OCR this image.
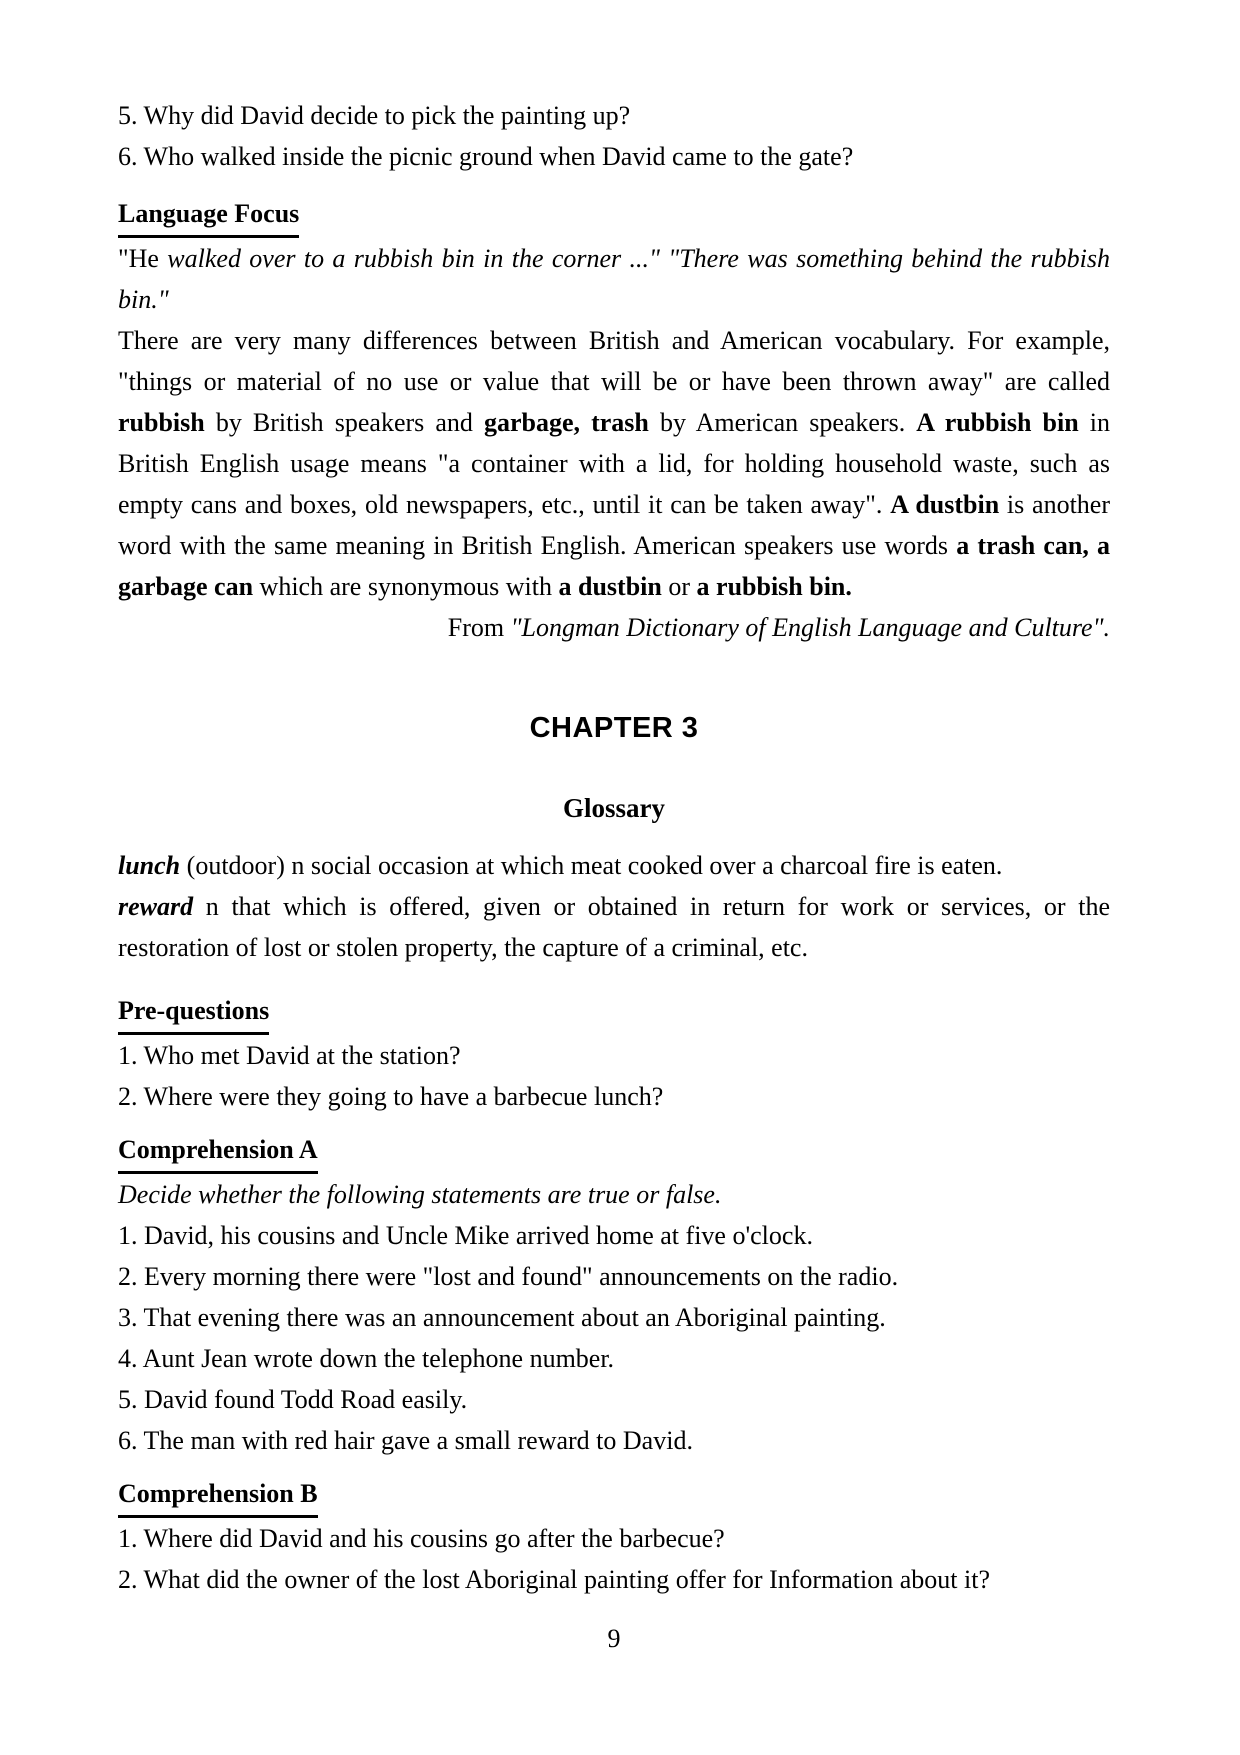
5. Why did David decide to pick the painting up?
6. Who walked inside the picnic ground when David came to the gate?
Language Focus
"He walked over to a rubbish bin in the corner ..." "There was something behind the rubbish bin."
There are very many differences between British and American vocabulary. For example, "things or material of no use or value that will be or have been thrown away" are called rubbish by British speakers and garbage, trash by American speakers. A rubbish bin in British English usage means "a container with a lid, for holding household waste, such as empty cans and boxes, old newspapers, etc., until it can be taken away". A dustbin is another word with the same meaning in British English. American speakers use words a trash can, a garbage can which are synonymous with a dustbin or a rubbish bin.
From "Longman Dictionary of English Language and Culture".
CHAPTER 3
Glossary
lunch (outdoor) n social occasion at which meat cooked over a charcoal fire is eaten.
reward n that which is offered, given or obtained in return for work or services, or the restoration of lost or stolen property, the capture of a criminal, etc.
Pre-questions
1. Who met David at the station?
2. Where were they going to have a barbecue lunch?
Comprehension A
Decide whether the following statements are true or false.
1. David, his cousins and Uncle Mike arrived home at five o'clock.
2. Every morning there were "lost and found" announcements on the radio.
3. That evening there was an announcement about an Aboriginal painting.
4. Aunt Jean wrote down the telephone number.
5. David found Todd Road easily.
6. The man with red hair gave a small reward to David.
Comprehension B
1. Where did David and his cousins go after the barbecue?
2. What did the owner of the lost Aboriginal painting offer for Information about it?
9
